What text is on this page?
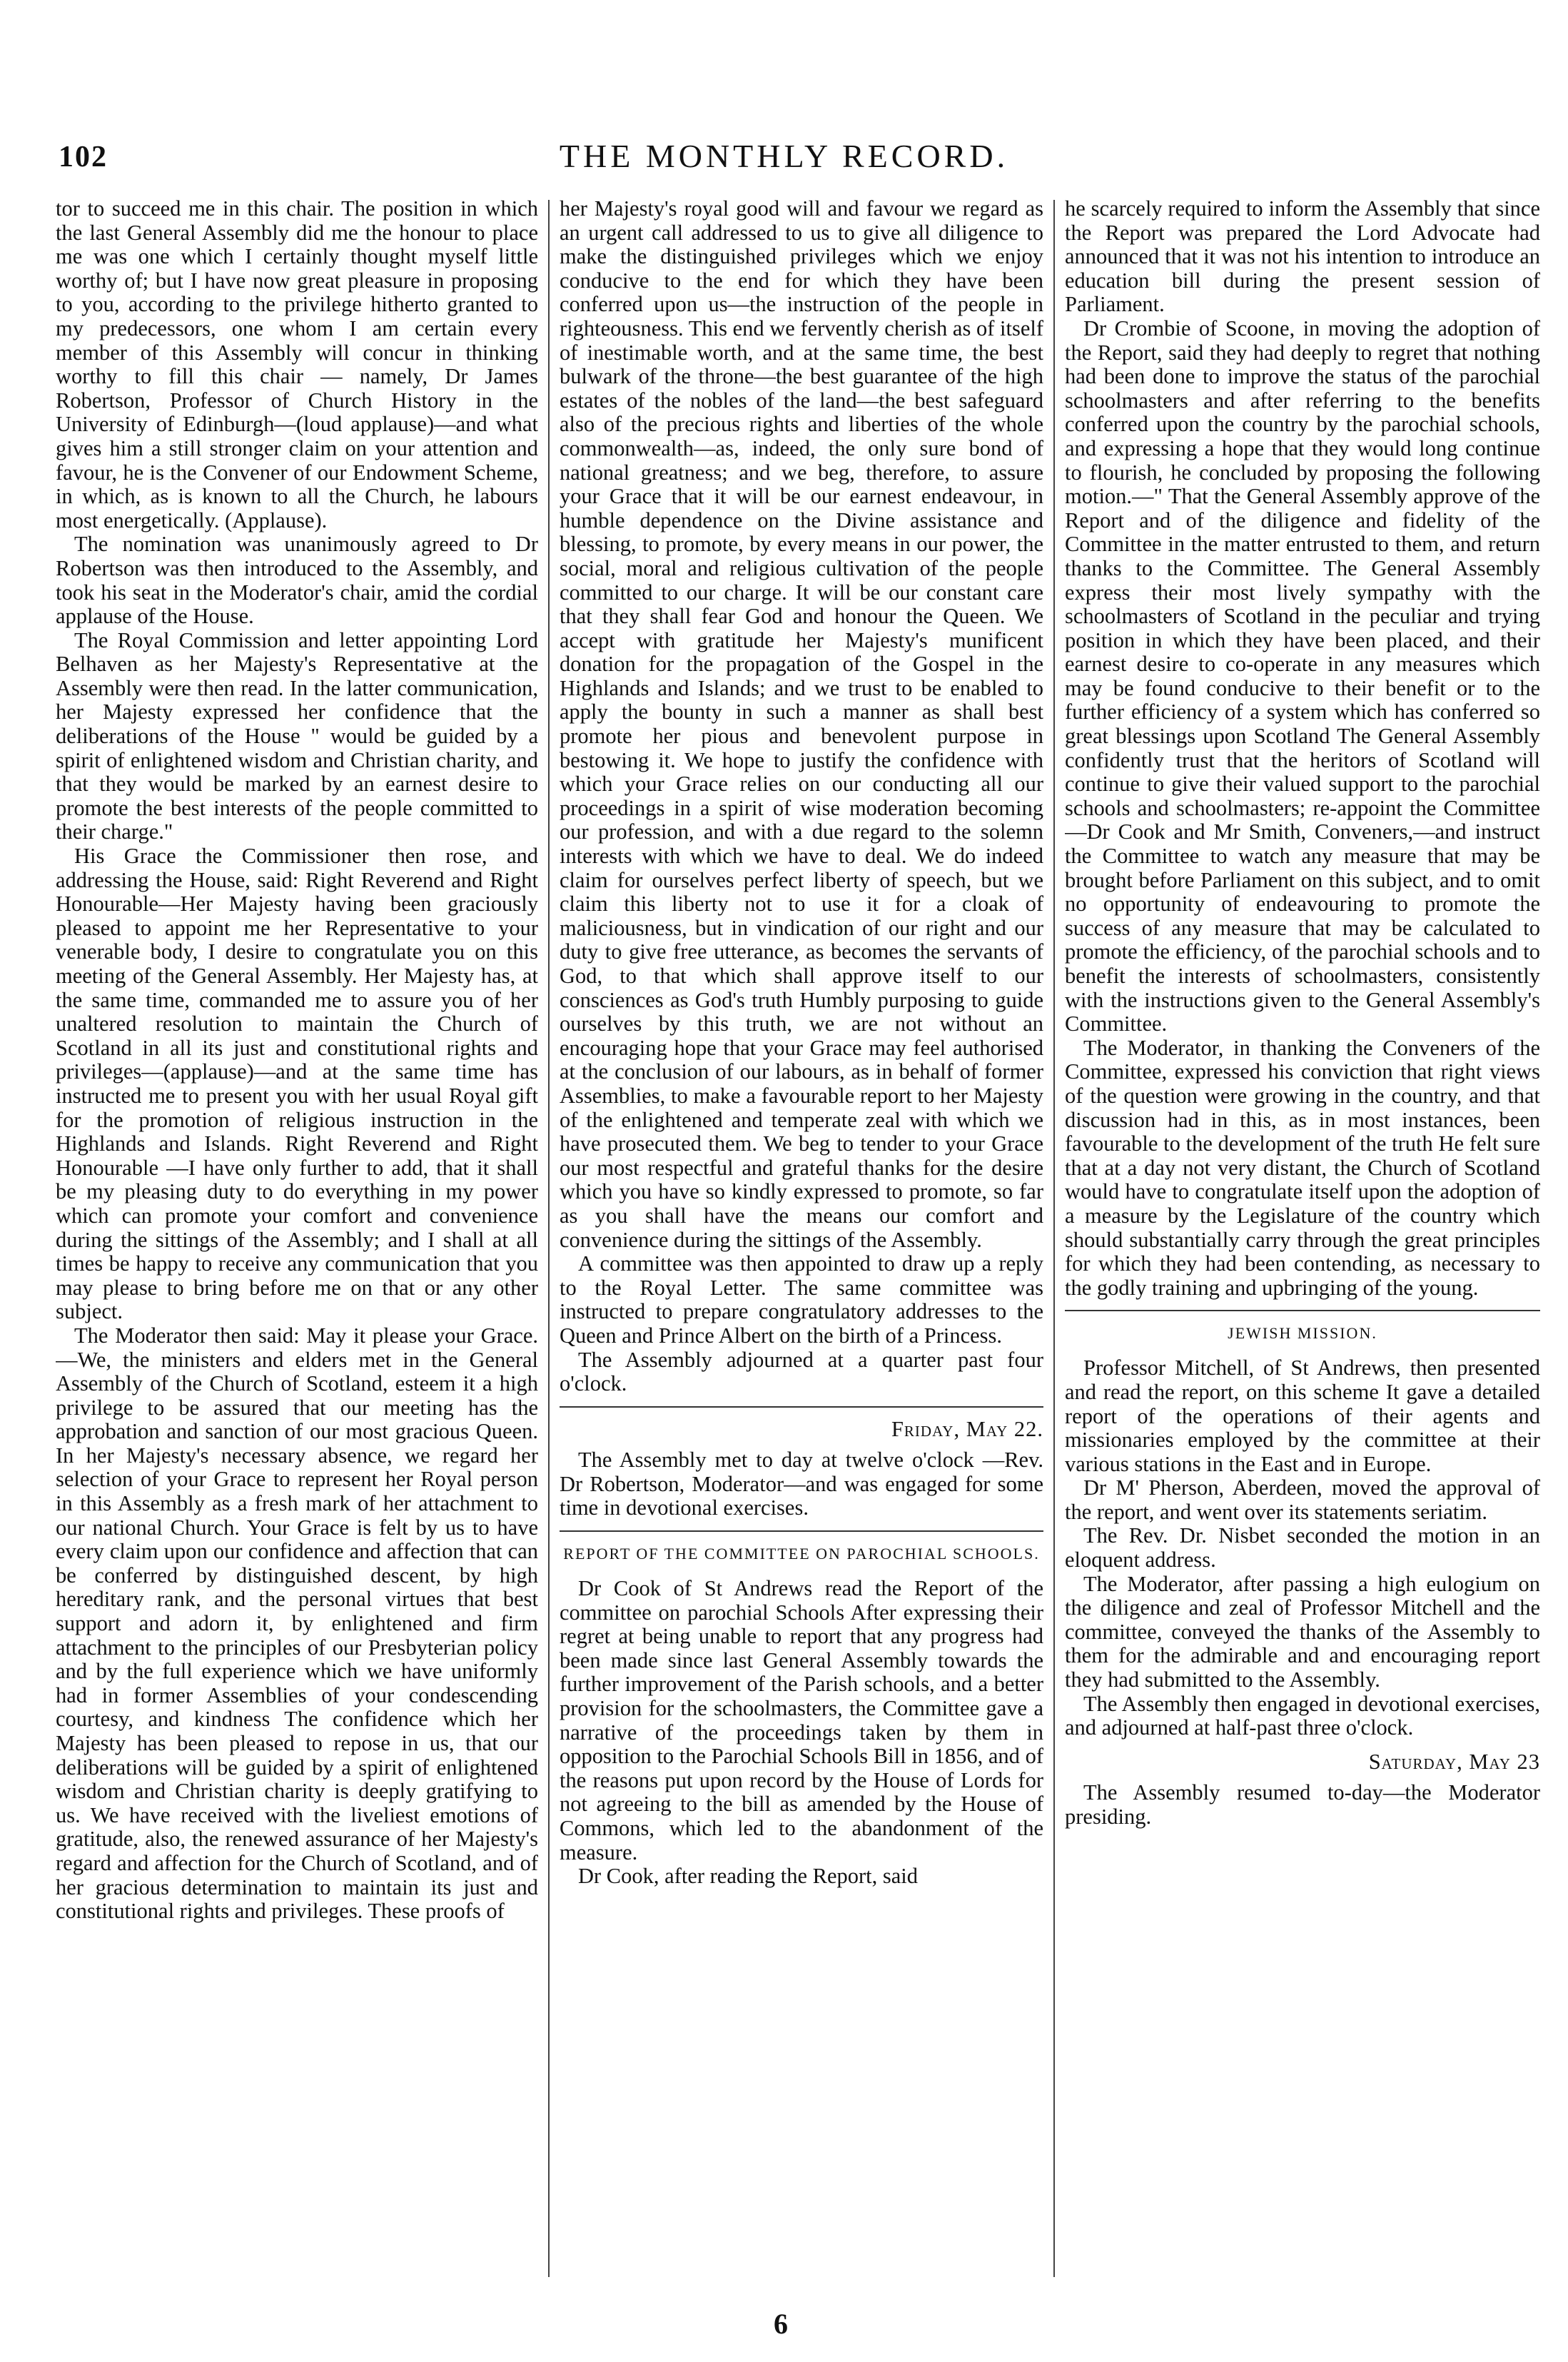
102	THE MONTHLY RECORD.

tor to succeed me in this chair. The position in which the last General Assembly did me the honour to place me was one which I certainly thought myself little worthy of; but I have now great pleasure in proposing to you, according to the privilege hitherto granted to my predecessors, one whom I am certain every member of this Assembly will concur in thinking worthy to fill this chair — namely, Dr James Robertson, Professor of Church History in the University of Edinburgh—(loud applause)—and what gives him a still stronger claim on your attention and favour, he is the Convener of our Endowment Scheme, in which, as is known to all the Church, he labours most energetically. (Applause).

The nomination was unanimously agreed to Dr Robertson was then introduced to the Assembly, and took his seat in the Moderator's chair, amid the cordial applause of the House.

The Royal Commission and letter appointing Lord Belhaven as her Majesty's Representative at the Assembly were then read. In the latter communication, her Majesty expressed her confidence that the deliberations of the House " would be guided by a spirit of enlightened wisdom and Christian charity, and that they would be marked by an earnest desire to promote the best interests of the people committed to their charge."

His Grace the Commissioner then rose, and addressing the House, said: Right Reverend and Right Honourable—Her Majesty having been graciously pleased to appoint me her Representative to your venerable body, I desire to congratulate you on this meeting of the General Assembly. Her Majesty has, at the same time, commanded me to assure you of her unaltered resolution to maintain the Church of Scotland in all its just and constitutional rights and privileges—(applause)—and at the same time has instructed me to present you with her usual Royal gift for the promotion of religious instruction in the Highlands and Islands. Right Reverend and Right Honourable —I have only further to add, that it shall be my pleasing duty to do everything in my power which can promote your comfort and convenience during the sittings of the Assembly; and I shall at all times be happy to receive any communication that you may please to bring before me on that or any other subject.

The Moderator then said: May it please your Grace.—We, the ministers and elders met in the General Assembly of the Church of Scotland, esteem it a high privilege to be assured that our meeting has the approbation and sanction of our most gracious Queen. In her Majesty's necessary absence, we regard her selection of your Grace to represent her Royal person in this Assembly as a fresh mark of her attachment to our national Church. Your Grace is felt by us to have every claim upon our confidence and affection that can be conferred by distinguished descent, by high hereditary rank, and the personal virtues that best support and adorn it, by enlightened and firm attachment to the principles of our Presbyterian policy and by the full experience which we have uniformly had in former Assemblies of your condescending courtesy, and kindness The confidence which her Majesty has been pleased to repose in us, that our deliberations will be guided by a spirit of enlightened wisdom and Christian charity is deeply gratifying to us. We have received with the liveliest emotions of gratitude, also, the renewed assurance of her Majesty's regard and affection for the Church of Scotland, and of her gracious determination to maintain its just and constitutional rights and privileges. These proofs of

her Majesty's royal good will and favour we regard as an urgent call addressed to us to give all diligence to make the distinguished privileges which we enjoy conducive to the end for which they have been conferred upon us—the instruction of the people in righteousness. This end we fervently cherish as of itself of inestimable worth, and at the same time, the best bulwark of the throne—the best guarantee of the high estates of the nobles of the land—the best safeguard also of the precious rights and liberties of the whole commonwealth—as, indeed, the only sure bond of national greatness; and we beg, therefore, to assure your Grace that it will be our earnest endeavour, in humble dependence on the Divine assistance and blessing, to promote, by every means in our power, the social, moral and religious cultivation of the people committed to our charge. It will be our constant care that they shall fear God and honour the Queen. We accept with gratitude her Majesty's munificent donation for the propagation of the Gospel in the Highlands and Islands; and we trust to be enabled to apply the bounty in such a manner as shall best promote her pious and benevolent purpose in bestowing it. We hope to justify the confidence with which your Grace relies on our conducting all our proceedings in a spirit of wise moderation becoming our profession, and with a due regard to the solemn interests with which we have to deal. We do indeed claim for ourselves perfect liberty of speech, but we claim this liberty not to use it for a cloak of maliciousness, but in vindication of our right and our duty to give free utterance, as becomes the servants of God, to that which shall approve itself to our consciences as God's truth Humbly purposing to guide ourselves by this truth, we are not without an encouraging hope that your Grace may feel authorised at the conclusion of our labours, as in behalf of former Assemblies, to make a favourable report to her Majesty of the enlightened and temperate zeal with which we have prosecuted them. We beg to tender to your Grace our most respectful and grateful thanks for the desire which you have so kindly expressed to promote, so far as you shall have the means our comfort and convenience during the sittings of the Assembly.

A committee was then appointed to draw up a reply to the Royal Letter. The same committee was instructed to prepare congratulatory addresses to the Queen and Prince Albert on the birth of a Princess.

The Assembly adjourned at a quarter past four o'clock.

Friday, May 22.

The Assembly met to day at twelve o'clock —Rev. Dr Robertson, Moderator—and was engaged for some time in devotional exercises.

REPORT OF THE COMMITTEE ON PAROCHIAL SCHOOLS.

Dr Cook of St Andrews read the Report of the committee on parochial Schools After expressing their regret at being unable to report that any progress had been made since last General Assembly towards the further improvement of the Parish schools, and a better provision for the schoolmasters, the Committee gave a narrative of the proceedings taken by them in opposition to the Parochial Schools Bill in 1856, and of the reasons put upon record by the House of Lords for not agreeing to the bill as amended by the House of Commons, which led to the abandonment of the measure.

Dr Cook, after reading the Report, said

he scarcely required to inform the Assembly that since the Report was prepared the Lord Advocate had announced that it was not his intention to introduce an education bill during the present session of Parliament.

Dr Crombie of Scoone, in moving the adoption of the Report, said they had deeply to regret that nothing had been done to improve the status of the parochial schoolmasters and after referring to the benefits conferred upon the country by the parochial schools, and expressing a hope that they would long continue to flourish, he concluded by proposing the following motion.—" That the General Assembly approve of the Report and of the diligence and fidelity of the Committee in the matter entrusted to them, and return thanks to the Committee. The General Assembly express their most lively sympathy with the schoolmasters of Scotland in the peculiar and trying position in which they have been placed, and their earnest desire to co-operate in any measures which may be found conducive to their benefit or to the further efficiency of a system which has conferred so great blessings upon Scotland The General Assembly confidently trust that the heritors of Scotland will continue to give their valued support to the parochial schools and schoolmasters; re-appoint the Committee —Dr Cook and Mr Smith, Conveners,—and instruct the Committee to watch any measure that may be brought before Parliament on this subject, and to omit no opportunity of endeavouring to promote the success of any measure that may be calculated to promote the efficiency, of the parochial schools and to benefit the interests of schoolmasters, consistently with the instructions given to the General Assembly's Committee.

The Moderator, in thanking the Conveners of the Committee, expressed his conviction that right views of the question were growing in the country, and that discussion had in this, as in most instances, been favourable to the development of the truth He felt sure that at a day not very distant, the Church of Scotland would have to congratulate itself upon the adoption of a measure by the Legislature of the country which should substantially carry through the great principles for which they had been contending, as necessary to the godly training and upbringing of the young.

JEWISH MISSION.

Professor Mitchell, of St Andrews, then presented and read the report, on this scheme It gave a detailed report of the operations of their agents and missionaries employed by the committee at their various stations in the East and in Europe.

Dr M' Pherson, Aberdeen, moved the approval of the report, and went over its statements seriatim.

The Rev. Dr. Nisbet seconded the motion in an eloquent address.

The Moderator, after passing a high eulogium on the diligence and zeal of Professor Mitchell and the committee, conveyed the thanks of the Assembly to them for the admirable and and encouraging report they had submitted to the Assembly.

The Assembly then engaged in devotional exercises, and adjourned at half-past three o'clock.

Saturday, May 23

The Assembly resumed to-day—the Moderator presiding.

6
